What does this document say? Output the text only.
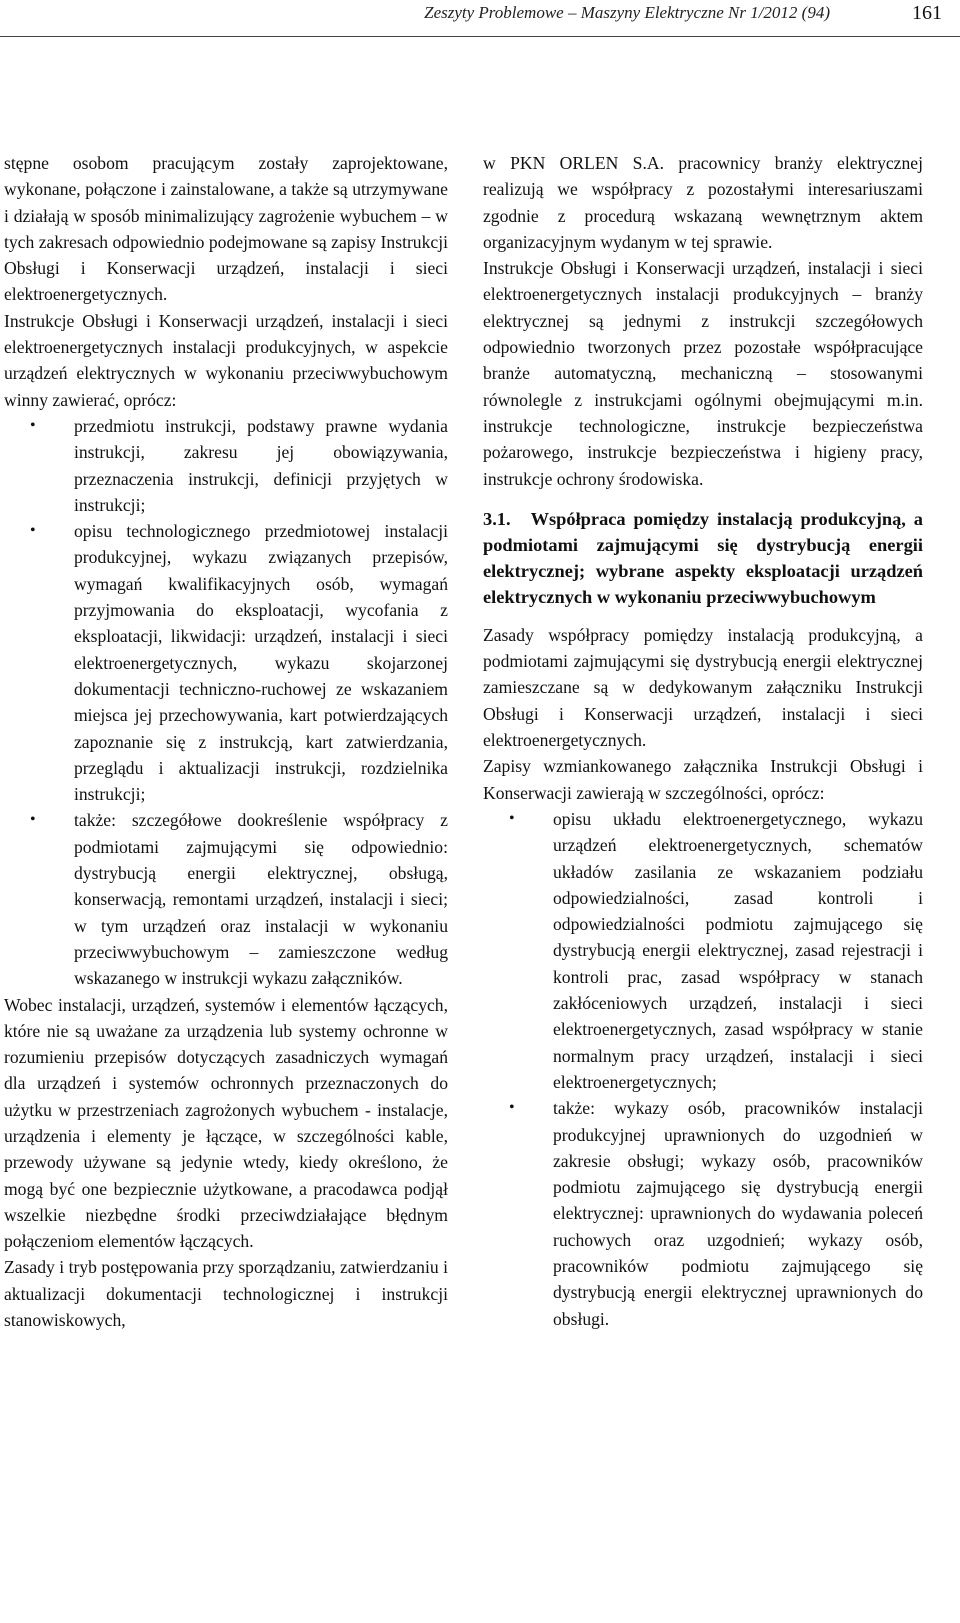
Zeszyty Problemowe – Maszyny Elektryczne Nr 1/2012 (94)	161

stępne osobom pracującym zostały zaprojektowane, wykonane, połączone i zainstalowane, a także są utrzymywane i działają w sposób minimalizujący zagrożenie wybuchem – w tych zakresach odpowiednio podejmowane są zapisy Instrukcji Obsługi i Konserwacji urządzeń, instalacji i sieci elektroenergetycznych.

Instrukcje Obsługi i Konserwacji urządzeń, instalacji i sieci elektroenergetycznych instalacji produkcyjnych, w aspekcie urządzeń elektrycznych w wykonaniu przeciwwybuchowym winny zawierać, oprócz:

• przedmiotu instrukcji, podstawy prawne wydania instrukcji, zakresu jej obowiązywania, przeznaczenia instrukcji, definicji przyjętych w instrukcji;
• opisu technologicznego przedmiotowej instalacji produkcyjnej, wykazu związanych przepisów, wymagań kwalifikacyjnych osób, wymagań przyjmowania do eksploatacji, wycofania z eksploatacji, likwidacji: urządzeń, instalacji i sieci elektroenergetycznych, wykazu skojarzonej dokumentacji techniczno-ruchowej ze wskazaniem miejsca jej przechowywania, kart potwierdzających zapoznanie się z instrukcją, kart zatwierdzania, przeglądu i aktualizacji instrukcji, rozdzielnika instrukcji;
• także: szczegółowe dookreślenie współpracy z podmiotami zajmującymi się odpowiednio: dystrybucją energii elektrycznej, obsługą, konserwacją, remontami urządzeń, instalacji i sieci; w tym urządzeń oraz instalacji w wykonaniu przeciwwybuchowym – zamieszczone według wskazanego w instrukcji wykazu załączników.

Wobec instalacji, urządzeń, systemów i elementów łączących, które nie są uważane za urządzenia lub systemy ochronne w rozumieniu przepisów dotyczących zasadniczych wymagań dla urządzeń i systemów ochronnych przeznaczonych do użytku w przestrzeniach zagrożonych wybuchem - instalacje, urządzenia i elementy je łączące, w szczególności kable, przewody używane są jedynie wtedy, kiedy określono, że mogą być one bezpiecznie użytkowane, a pracodawca podjął wszelkie niezbędne środki przeciwdziałające błędnym połączeniom elementów łączących.

Zasady i tryb postępowania przy sporządzaniu, zatwierdzaniu i aktualizacji dokumentacji technologicznej i instrukcji stanowiskowych,

w PKN ORLEN S.A. pracownicy branży elektrycznej realizują we współpracy z pozostałymi interesariuszami zgodnie z procedurą wskazaną wewnętrznym aktem organizacyjnym wydanym w tej sprawie.

Instrukcje Obsługi i Konserwacji urządzeń, instalacji i sieci elektroenergetycznych instalacji produkcyjnych – branży elektrycznej są jednymi z instrukcji szczegółowych odpowiednio tworzonych przez pozostałe współpracujące branże automatyczną, mechaniczną – stosowanymi równolegle z instrukcjami ogólnymi obejmującymi m.in. instrukcje technologiczne, instrukcje bezpieczeństwa pożarowego, instrukcje bezpieczeństwa i higieny pracy, instrukcje ochrony środowiska.

3.1. Współpraca pomiędzy instalacją produkcyjną, a podmiotami zajmującymi się dystrybucją energii elektrycznej; wybrane aspekty eksploatacji urządzeń elektrycznych w wykonaniu przeciwwybuchowym

Zasady współpracy pomiędzy instalacją produkcyjną, a podmiotami zajmującymi się dystrybucją energii elektrycznej zamieszczane są w dedykowanym załączniku Instrukcji Obsługi i Konserwacji urządzeń, instalacji i sieci elektroenergetycznych.

Zapisy wzmiankowanego załącznika Instrukcji Obsługi i Konserwacji zawierają w szczególności, oprócz:

• opisu układu elektroenergetycznego, wykazu urządzeń elektroenergetycznych, schematów układów zasilania ze wskazaniem podziału odpowiedzialności, zasad kontroli i odpowiedzialności podmiotu zajmującego się dystrybucją energii elektrycznej, zasad rejestracji i kontroli prac, zasad współpracy w stanach zakłóceniowych urządzeń, instalacji i sieci elektroenergetycznych, zasad współpracy w stanie normalnym pracy urządzeń, instalacji i sieci elektroenergetycznych;
• także: wykazy osób, pracowników instalacji produkcyjnej uprawnionych do uzgodnień w zakresie obsługi; wykazy osób, pracowników podmiotu zajmującego się dystrybucją energii elektrycznej: uprawnionych do wydawania poleceń ruchowych oraz uzgodnień; wykazy osób, pracowników podmiotu zajmującego się dystrybucją energii elektrycznej uprawnionych do obsługi.
